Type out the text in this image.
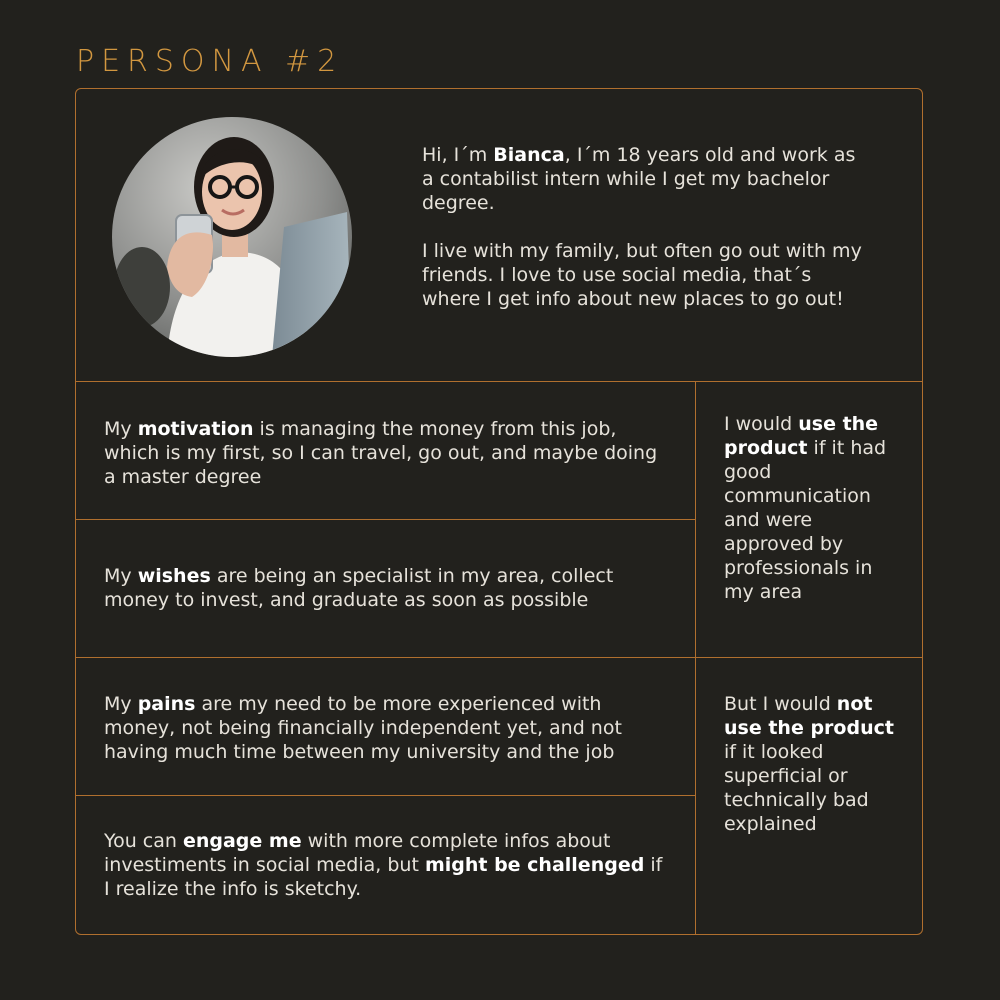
PERSONA #2

Hi, I´m Bianca, I´m 18 years old and work as a contabilist intern while I get my bachelor degree.

I live with my family, but often go out with my friends. I love to use social media, that´s where I get info about new places to go out!

My motivation is managing the money from this job, which is my first, so I can travel, go out, and maybe doing a master degree
My wishes are being an specialist in my area, collect money to invest, and graduate as soon as possible
My pains are my need to be more experienced with money, not being financially independent yet, and not having much time between my university and the job
You can engage me with more complete infos about investiments in social media, but might be challenged if I realize the info is sketchy.
I would use the product if it had good communication and were approved by professionals in my area
But I would not use the product if it looked superficial or technically bad explained
